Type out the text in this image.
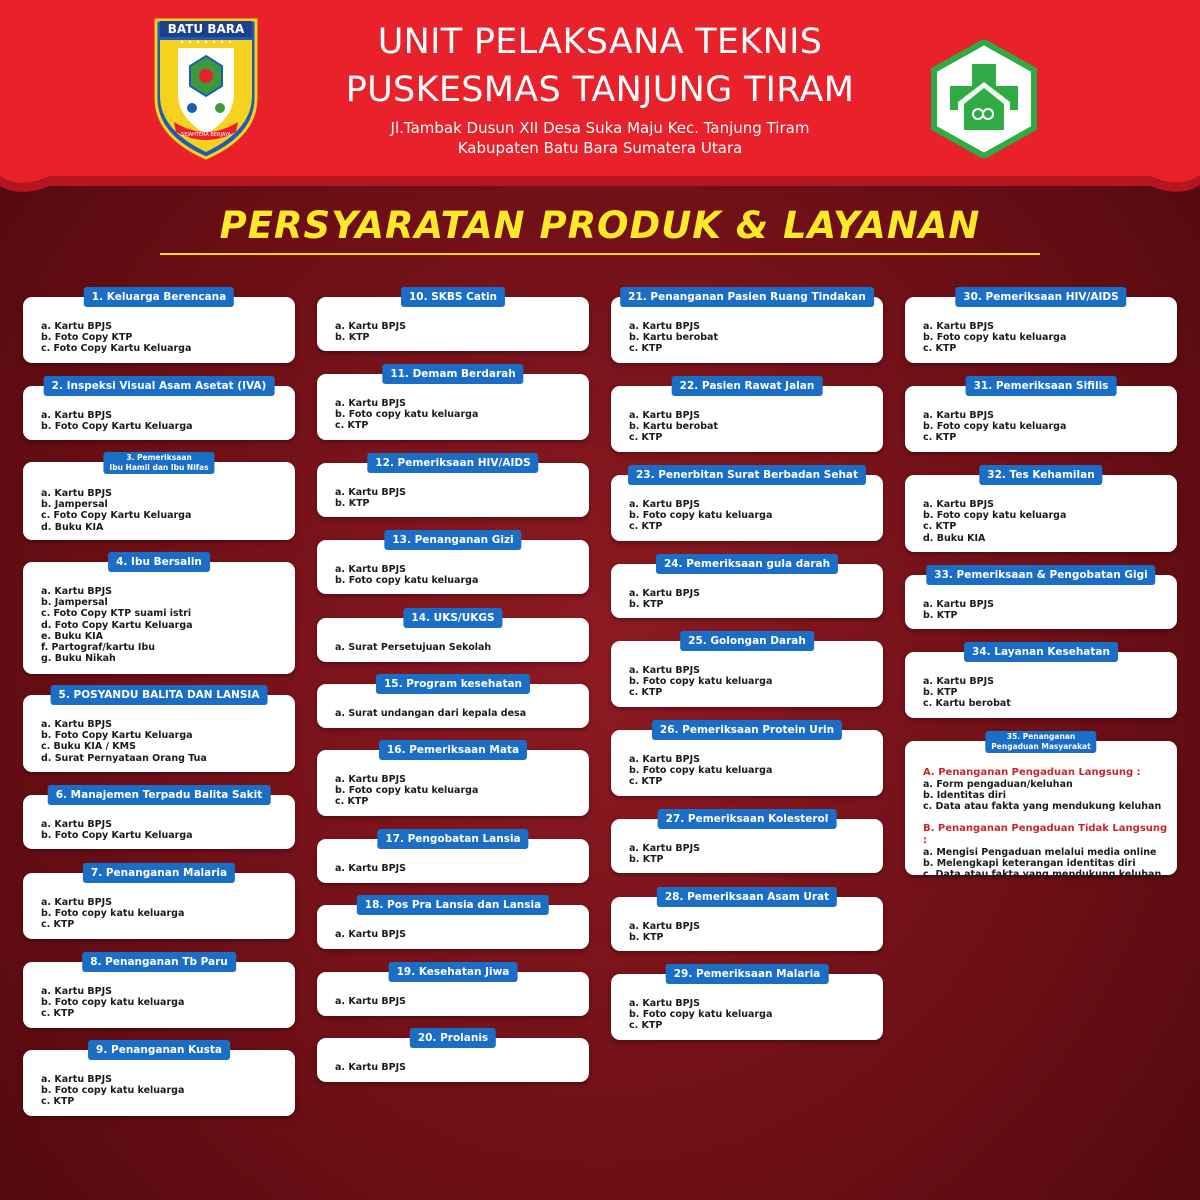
BATU BARA
SEJAHTERA BERJAYA
UNIT PELAKSANA TEKNIS
PUSKESMAS TANJUNG TIRAM
Jl.Tambak Dusun XII Desa Suka Maju Kec. Tanjung Tiram
Kabupaten Batu Bara Sumatera Utara
PERSYARATAN PRODUK & LAYANAN
1. Keluarga Berencana
a. Kartu BPJS
b. Foto Copy KTP
c. Foto Copy Kartu Keluarga
2. Inspeksi Visual Asam Asetat (IVA)
a. Kartu BPJS
b. Foto Copy Kartu Keluarga
3. Pemeriksaan
Ibu Hamil dan Ibu Nifas
a. Kartu BPJS
b. Jampersal
c. Foto Copy Kartu Keluarga
d. Buku KIA
4. Ibu Bersalin
a. Kartu BPJS
b. Jampersal
c. Foto Copy KTP suami istri
d. Foto Copy Kartu Keluarga
e. Buku KIA
f. Partograf/kartu Ibu
g. Buku Nikah
5. POSYANDU BALITA DAN LANSIA
a. Kartu BPJS
b. Foto Copy Kartu Keluarga
c. Buku KIA / KMS
d. Surat Pernyataan Orang Tua
6. Manajemen Terpadu Balita Sakit
a. Kartu BPJS
b. Foto Copy Kartu Keluarga
7. Penanganan Malaria
a. Kartu BPJS
b. Foto copy katu keluarga
c. KTP
8. Penanganan Tb Paru
a. Kartu BPJS
b. Foto copy katu keluarga
c. KTP
9. Penanganan Kusta
a. Kartu BPJS
b. Foto copy katu keluarga
c. KTP
10. SKBS Catin
a. Kartu BPJS
b. KTP
11. Demam Berdarah
a. Kartu BPJS
b. Foto copy katu keluarga
c. KTP
12. Pemeriksaan HIV/AIDS
a. Kartu BPJS
b. KTP
13. Penanganan Gizi
a. Kartu BPJS
b. Foto copy katu keluarga
14. UKS/UKGS
a. Surat Persetujuan Sekolah
15. Program kesehatan
a. Surat undangan dari kepala desa
16. Pemeriksaan Mata
a. Kartu BPJS
b. Foto copy katu keluarga
c. KTP
17. Pengobatan Lansia
a. Kartu BPJS
18. Pos Pra Lansia dan Lansia
a. Kartu BPJS
19. Kesehatan Jiwa
a. Kartu BPJS
20. Prolanis
a. Kartu BPJS
21. Penanganan Pasien Ruang Tindakan
a. Kartu BPJS
b. Kartu berobat
c. KTP
22. Pasien Rawat Jalan
a. Kartu BPJS
b. Kartu berobat
c. KTP
23. Penerbitan Surat Berbadan Sehat
a. Kartu BPJS
b. Foto copy katu keluarga
c. KTP
24. Pemeriksaan gula darah
a. Kartu BPJS
b. KTP
25. Golongan Darah
a. Kartu BPJS
b. Foto copy katu keluarga
c. KTP
26. Pemeriksaan Protein Urin
a. Kartu BPJS
b. Foto copy katu keluarga
c. KTP
27. Pemeriksaan Kolesterol
a. Kartu BPJS
b. KTP
28. Pemeriksaan Asam Urat
a. Kartu BPJS
b. KTP
29. Pemeriksaan Malaria
a. Kartu BPJS
b. Foto copy katu keluarga
c. KTP
30. Pemeriksaan HIV/AIDS
a. Kartu BPJS
b. Foto copy katu keluarga
c. KTP
31. Pemeriksaan Sifilis
a. Kartu BPJS
b. Foto copy katu keluarga
c. KTP
32. Tes Kehamilan
a. Kartu BPJS
b. Foto copy katu keluarga
c. KTP
d. Buku KIA
33. Pemeriksaan & Pengobatan Gigi
a. Kartu BPJS
b. KTP
34. Layanan Kesehatan
a. Kartu BPJS
b. KTP
c. Kartu berobat
35. Penanganan
Pengaduan Masyarakat
A. Penanganan Pengaduan Langsung :
a. Form pengaduan/keluhan
b. Identitas diri
c. Data atau fakta yang mendukung keluhan
B. Penanganan Pengaduan Tidak Langsung :
a. Mengisi Pengaduan melalui media online
b. Melengkapi keterangan identitas diri
c. Data atau fakta yang mendukung keluhan
